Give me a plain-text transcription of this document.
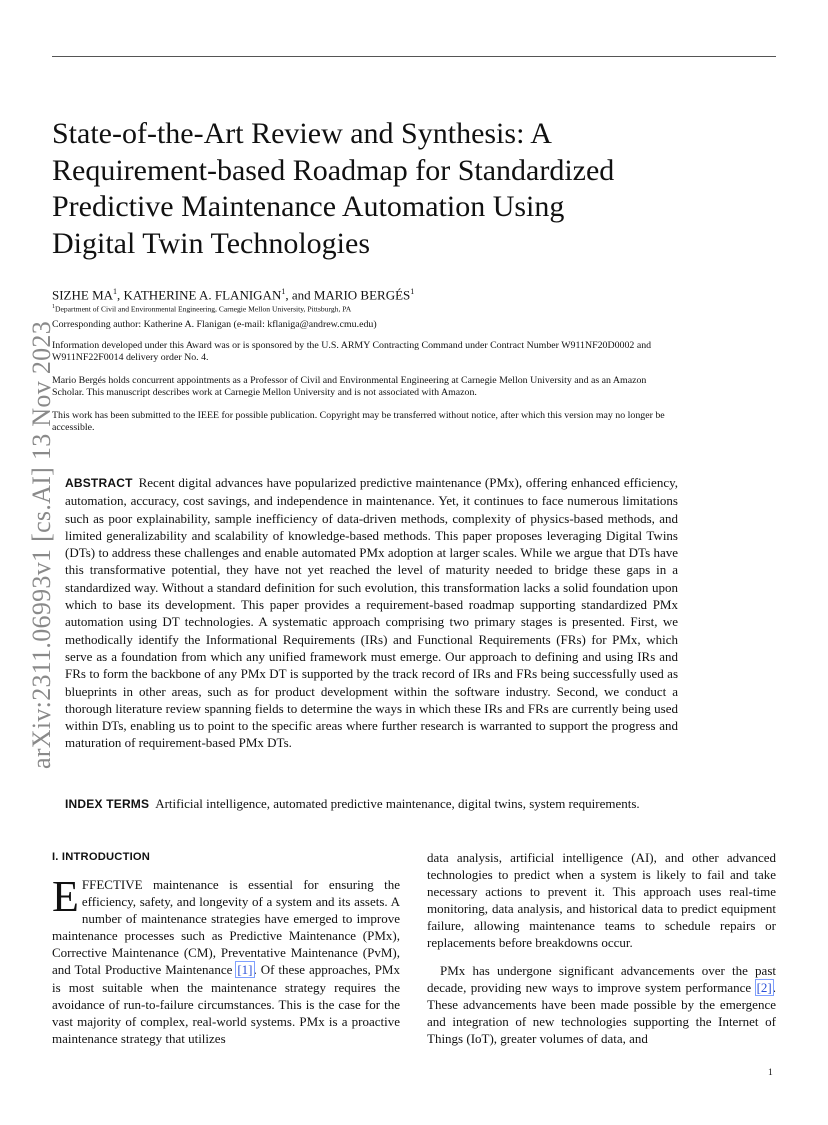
arXiv:2311.06993v1 [cs.AI] 13 Nov 2023
State-of-the-Art Review and Synthesis: A
Requirement-based Roadmap for Standardized
Predictive Maintenance Automation Using
Digital Twin Technologies
SIZHE $MA^1$, KATHERINE A. FLANIGAN$^1$, and MARIO BERGÉS$^1$
$^1$Department of Civil and Environmental Engineering, Carnegie Mellon University, Pittsburgh, PA
Corresponding author: Katherine A. Flanigan (e-mail: kflaniga@andrew.cmu.edu)
Information developed under this Award was or is sponsored by the U.S. ARMY Contracting Command under Contract Number W911NF20D0002 and W911NF22F0014 delivery order No. 4.
Mario Bergés holds concurrent appointments as a Professor of Civil and Environmental Engineering at Carnegie Mellon University and as an Amazon Scholar. This manuscript describes work at Carnegie Mellon University and is not associated with Amazon.
This work has been submitted to the IEEE for possible publication. Copyright may be transferred without notice, after which this version may no longer be accessible.
ABSTRACT Recent digital advances have popularized predictive maintenance (PMx), offering enhanced efficiency, automation, accuracy, cost savings, and independence in maintenance. Yet, it continues to face numerous limitations such as poor explainability, sample inefficiency of data-driven methods, complexity of physics-based methods, and limited generalizability and scalability of knowledge-based methods. This paper proposes leveraging Digital Twins (DTs) to address these challenges and enable automated PMx adoption at larger scales. While we argue that DTs have this transformative potential, they have not yet reached the level of maturity needed to bridge these gaps in a standardized way. Without a standard definition for such evolution, this transformation lacks a solid foundation upon which to base its development. This paper provides a requirement-based roadmap supporting standardized PMx automation using DT technologies. A systematic approach comprising two primary stages is presented. First, we methodically identify the Informational Requirements (IRs) and Functional Requirements (FRs) for PMx, which serve as a foundation from which any unified framework must emerge. Our approach to defining and using IRs and FRs to form the backbone of any PMx DT is supported by the track record of IRs and FRs being successfully used as blueprints in other areas, such as for product development within the software industry. Second, we conduct a thorough literature review spanning fields to determine the ways in which these IRs and FRs are currently being used within DTs, enabling us to point to the specific areas where further research is warranted to support the progress and maturation of requirement-based PMx DTs.
INDEX TERMS Artificial intelligence, automated predictive maintenance, digital twins, system requirements.
I. INTRODUCTION

EFFECTIVE maintenance is essential for ensuring the efficiency, safety, and longevity of a system and its assets. A number of maintenance strategies have emerged to improve maintenance processes such as Predictive Maintenance (PMx), Corrective Maintenance (CM), Preventative Maintenance (PvM), and Total Productive Maintenance [1]. Of these approaches, PMx is most suitable when the maintenance strategy requires the avoidance of run-to-failure circumstances. This is the case for the vast majority of complex, real-world systems. PMx is a proactive maintenance strategy that utilizes

data analysis, artificial intelligence (AI), and other advanced technologies to predict when a system is likely to fail and take necessary actions to prevent it. This approach uses real-time monitoring, data analysis, and historical data to predict equipment failure, allowing maintenance teams to schedule repairs or replacements before breakdowns occur.

PMx has undergone significant advancements over the past decade, providing new ways to improve system performance [2]. These advancements have been made possible by the emergence and integration of new technologies supporting the Internet of Things (IoT), greater volumes of data, and

1
